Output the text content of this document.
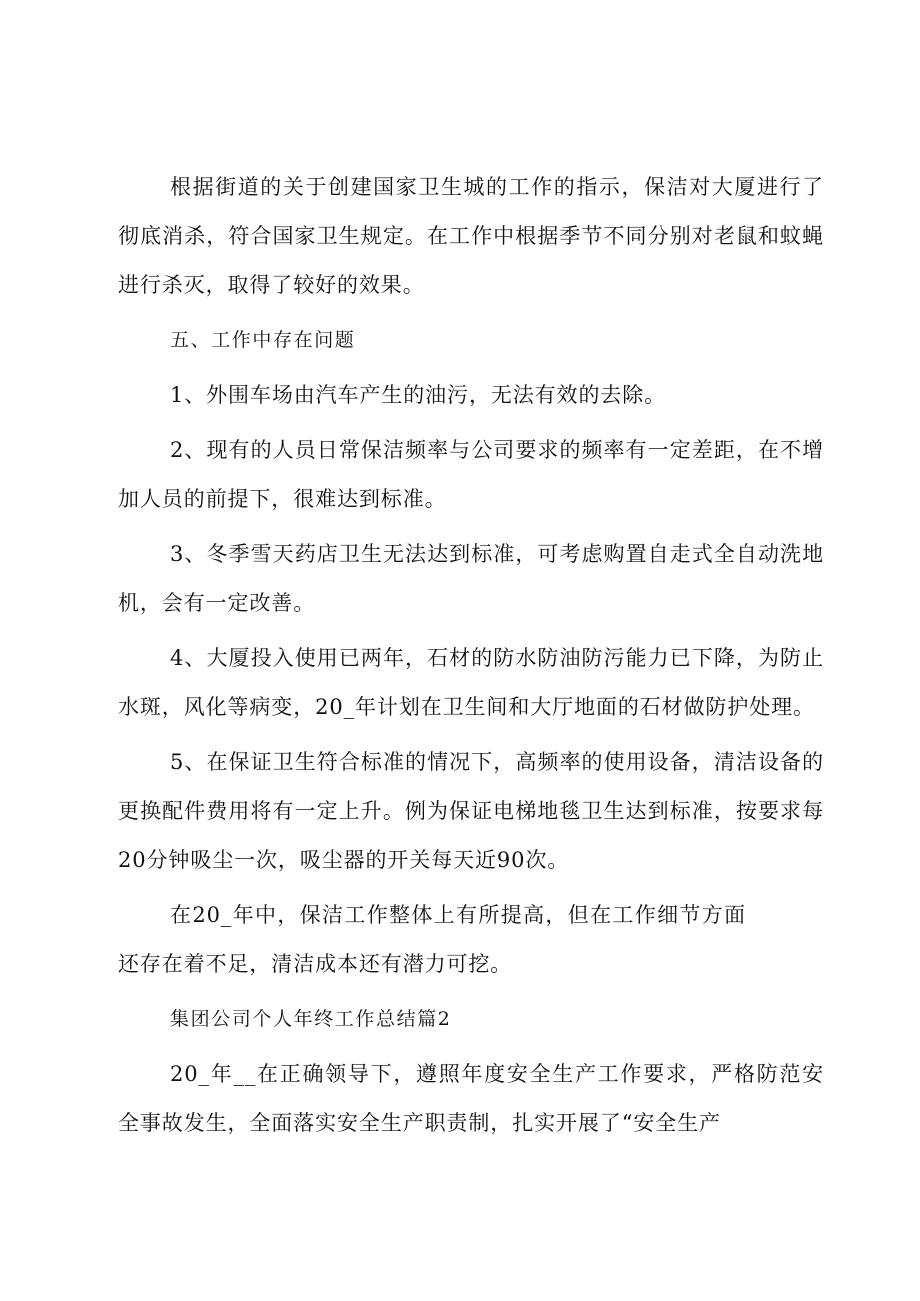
根据街道的关于创建国家卫生城的工作的指示，保洁对大厦进行了彻底消杀，符合国家卫生规定。在工作中根据季节不同分别对老鼠和蚊蝇进行杀灭，取得了较好的效果。

五、工作中存在问题

1、外围车场由汽车产生的油污，无法有效的去除。

2、现有的人员日常保洁频率与公司要求的频率有一定差距，在不增加人员的前提下，很难达到标准。

3、冬季雪天药店卫生无法达到标准，可考虑购置自走式全自动洗地机，会有一定改善。

4、大厦投入使用已两年，石材的防水防油防污能力已下降，为防止水斑，风化等病变，20_年计划在卫生间和大厅地面的石材做防护处理。

5、在保证卫生符合标准的情况下，高频率的使用设备，清洁设备的更换配件费用将有一定上升。例为保证电梯地毯卫生达到标准，按要求每20分钟吸尘一次，吸尘器的开关每天近90次。

在20_年中，保洁工作整体上有所提高，但在工作细节方面还存在着不足，清洁成本还有潜力可挖。

集团公司个人年终工作总结篇2

20_年__在正确领导下，遵照年度安全生产工作要求，严格防范安全事故发生，全面落实安全生产职责制，扎实开展了“安全生产
